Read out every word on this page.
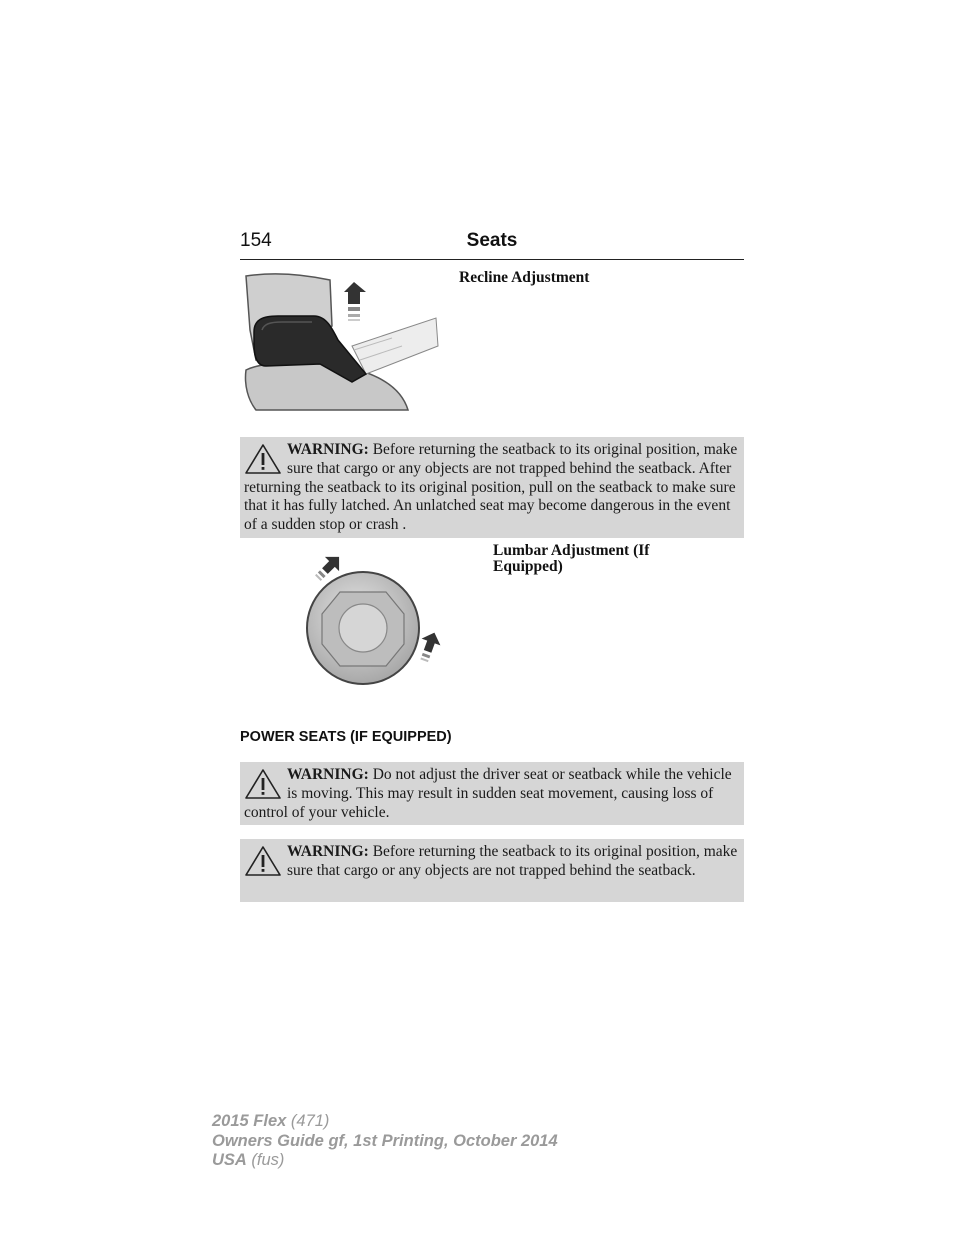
154	Seats
Recline Adjustment
WARNING: Before returning the seatback to its original position, make sure that cargo or any objects are not trapped behind the seatback. After returning the seatback to its original position, pull on the seatback to make sure that it has fully latched. An unlatched seat may become dangerous in the event of a sudden stop or crash .
Lumbar Adjustment (If
Equipped)
POWER SEATS (IF EQUIPPED)
WARNING: Do not adjust the driver seat or seatback while the vehicle is moving. This may result in sudden seat movement, causing loss of control of your vehicle.
WARNING: Before returning the seatback to its original position, make sure that cargo or any objects are not trapped behind the seatback.
2015 Flex (471)
Owners Guide gf, 1st Printing, October 2014
USA (fus)
